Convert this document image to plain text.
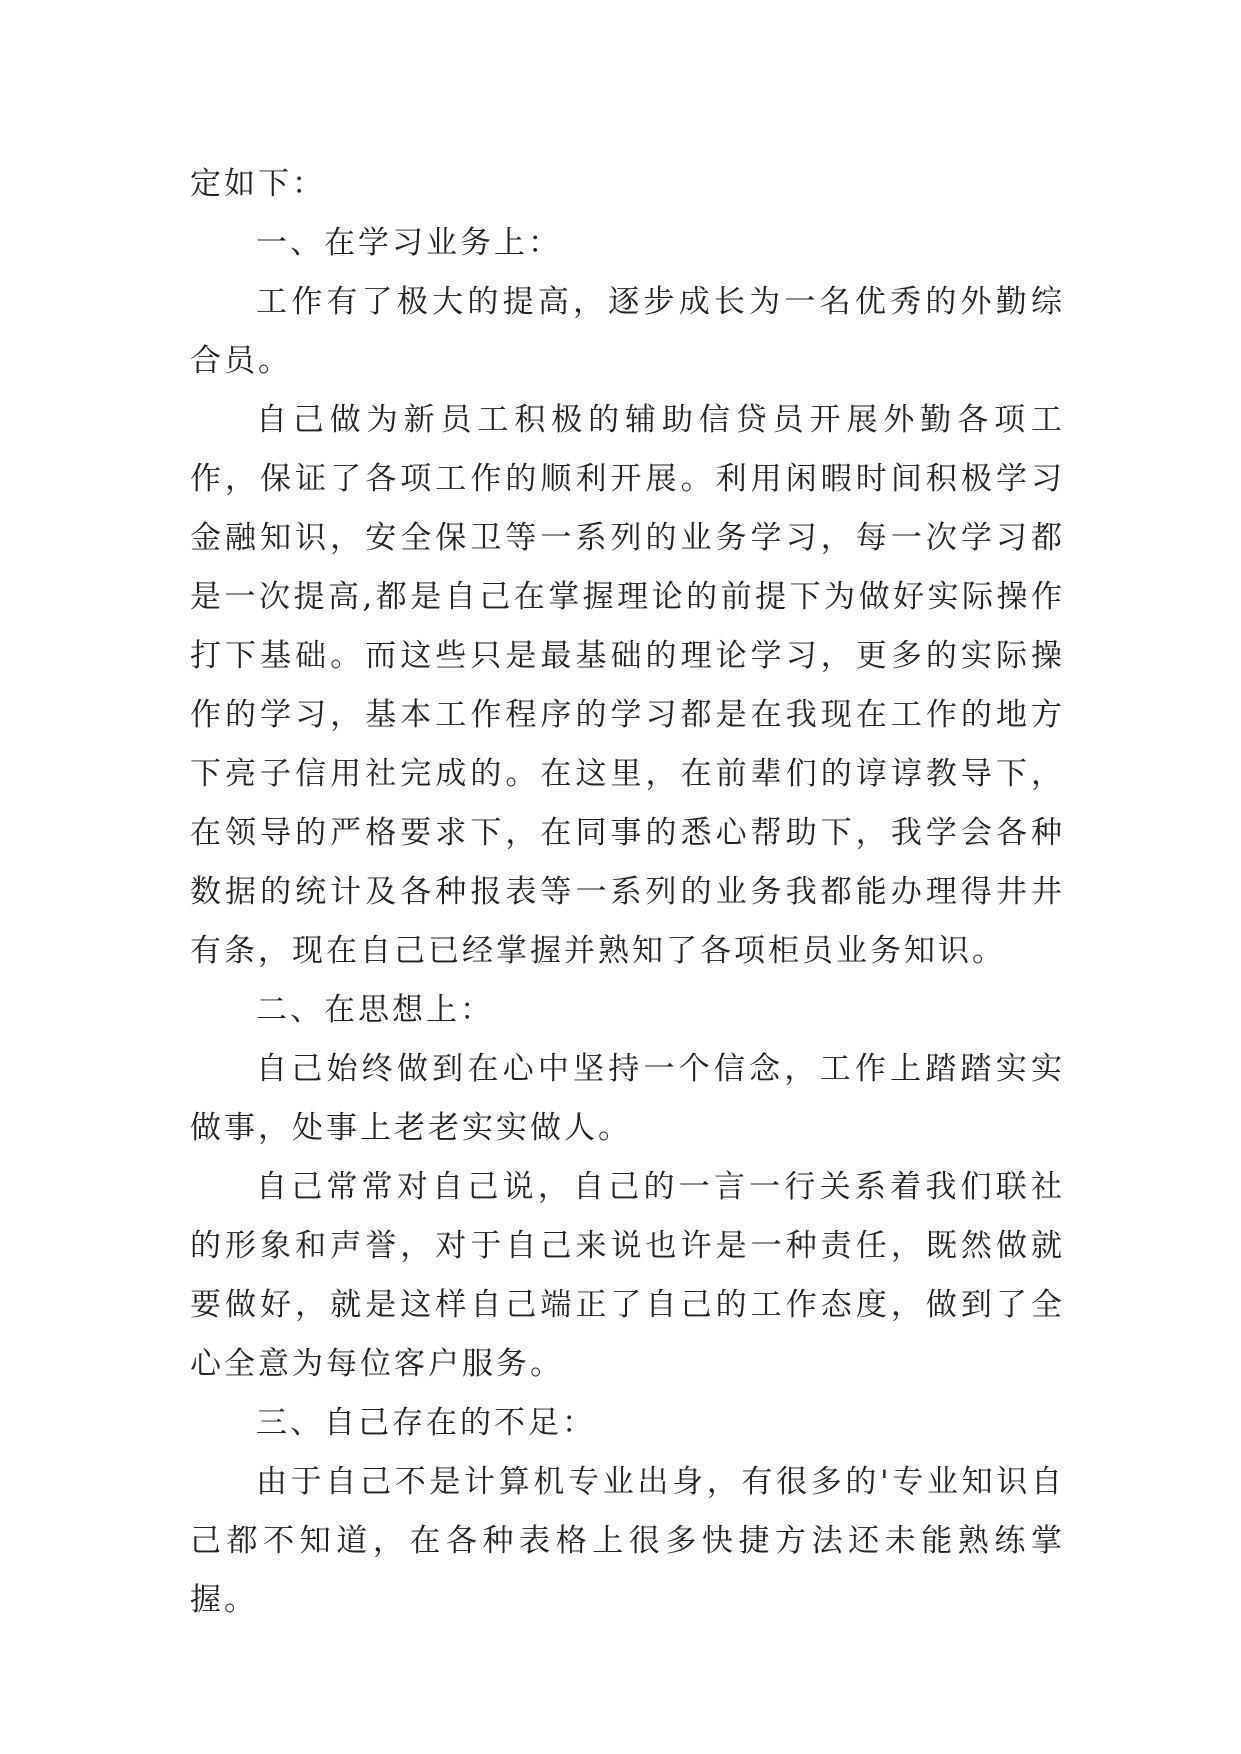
定如下：

一、在学习业务上：

工作有了极大的提高，逐步成长为一名优秀的外勤综合员。

自己做为新员工积极的辅助信贷员开展外勤各项工作，保证了各项工作的顺利开展。利用闲暇时间积极学习金融知识，安全保卫等一系列的业务学习，每一次学习都是一次提高,都是自己在掌握理论的前提下为做好实际操作打下基础。而这些只是最基础的理论学习，更多的实际操作的学习，基本工作程序的学习都是在我现在工作的地方下亮子信用社完成的。在这里，在前辈们的谆谆教导下，在领导的严格要求下，在同事的悉心帮助下，我学会各种数据的统计及各种报表等一系列的业务我都能办理得井井有条，现在自己已经掌握并熟知了各项柜员业务知识。

二、在思想上：

自己始终做到在心中坚持一个信念，工作上踏踏实实做事，处事上老老实实做人。

自己常常对自己说，自己的一言一行关系着我们联社的形象和声誉，对于自己来说也许是一种责任，既然做就要做好，就是这样自己端正了自己的工作态度，做到了全心全意为每位客户服务。

三、自己存在的不足：

由于自己不是计算机专业出身，有很多的'专业知识自己都不知道，在各种表格上很多快捷方法还未能熟练掌握。
